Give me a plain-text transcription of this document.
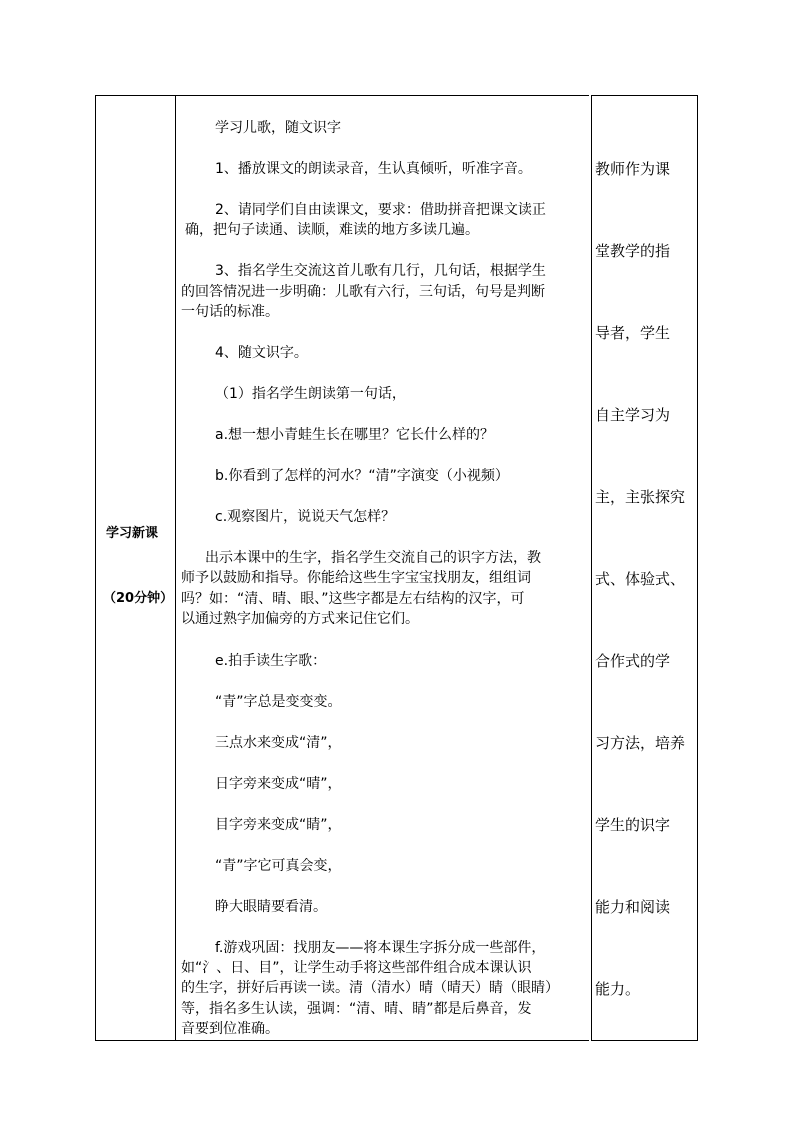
学习新课
（20分钟）
学习儿歌，随文识字
1、播放课文的朗读录音，生认真倾听，听准字音。
2、请同学们自由读课文，要求：借助拼音把课文读正
确，把句子读通、读顺，难读的地方多读几遍。
3、指名学生交流这首儿歌有几行，几句话，根据学生
的回答情况进一步明确：儿歌有六行，三句话，句号是判断
一句话的标准。
4、随文识字。
（1）指名学生朗读第一句话，
a.想一想小青蛙生长在哪里？它长什么样的？
b.你看到了怎样的河水？“清”字演变（小视频）
c.观察图片，说说天气怎样？
出示本课中的生字，指名学生交流自己的识字方法，教
师予以鼓励和指导。你能给这些生字宝宝找朋友，组组词
吗？如：“清、晴、眼、”这些字都是左右结构的汉字，可
以通过熟字加偏旁的方式来记住它们。
e.拍手读生字歌：
“青”字总是变变变。
三点水来变成“清”，
日字旁来变成“晴”，
目字旁来变成“睛”，
“青”字它可真会变，
睁大眼睛要看清。
f.游戏巩固：找朋友——将本课生字拆分成一些部件，
如“氵、日、目”，让学生动手将这些部件组合成本课认识
的生字，拼好后再读一读。清（清水）晴（晴天）睛（眼睛）
等，指名多生认读，强调：“清、晴、睛”都是后鼻音，发
音要到位准确。
教师作为课
堂教学的指
导者，学生
自主学习为
主，主张探究
式、体验式、
合作式的学
习方法，培养
学生的识字
能力和阅读
能力。
